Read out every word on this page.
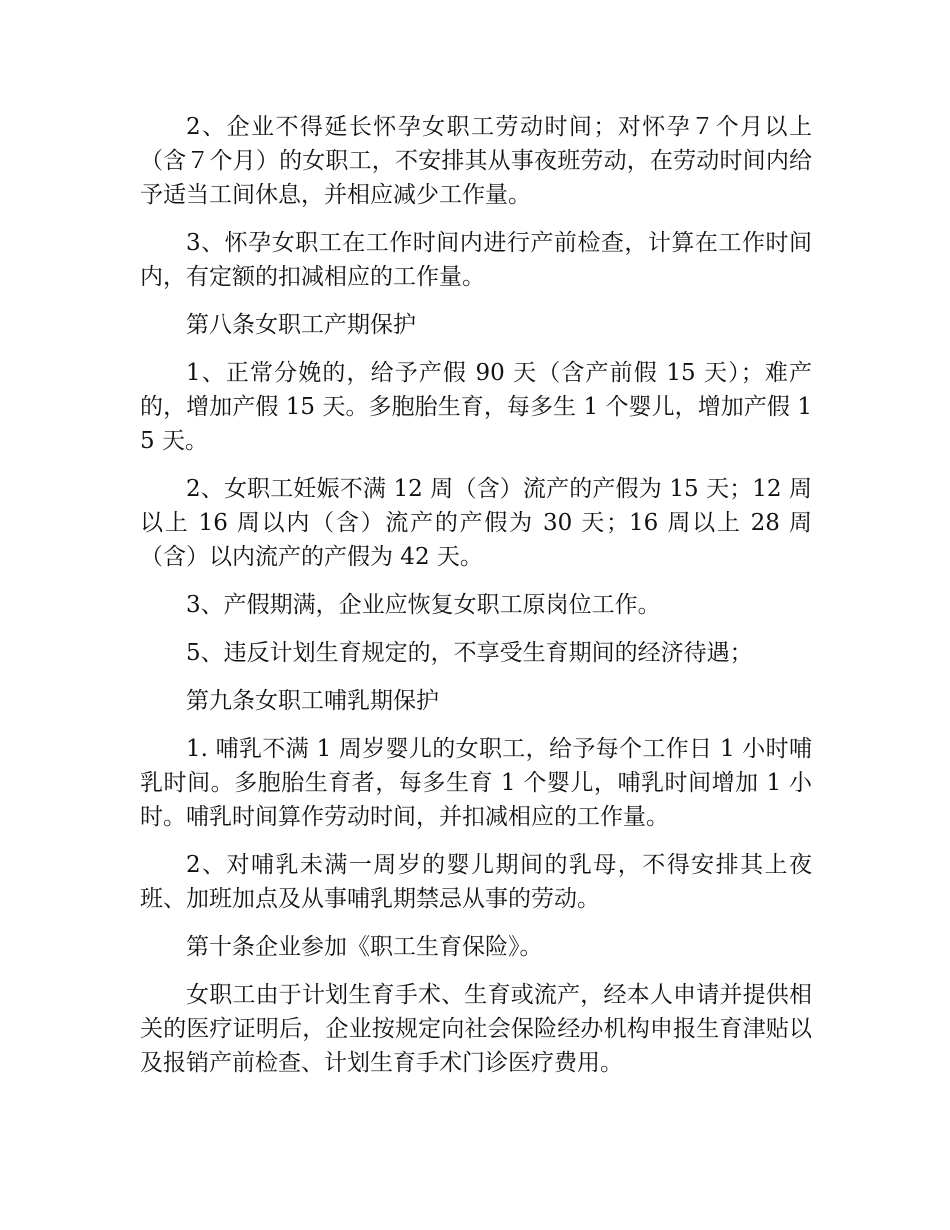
2、企业不得延长怀孕女职工劳动时间；对怀孕７个月以上（含７个月）的女职工，不安排其从事夜班劳动，在劳动时间内给予适当工间休息，并相应减少工作量。

3、怀孕女职工在工作时间内进行产前检查，计算在工作时间内，有定额的扣减相应的工作量。

第八条女职工产期保护

1、正常分娩的，给予产假 90 天（含产前假 15 天）；难产的，增加产假 15 天。多胞胎生育，每多生 1 个婴儿，增加产假 15 天。

2、女职工妊娠不满 12 周（含）流产的产假为 15 天；12 周以上 16 周以内（含）流产的产假为 30 天；16 周以上 28 周（含）以内流产的产假为 42 天。

3、产假期满，企业应恢复女职工原岗位工作。

5、违反计划生育规定的，不享受生育期间的经济待遇；

第九条女职工哺乳期保护

1. 哺乳不满 1 周岁婴儿的女职工，给予每个工作日 1 小时哺乳时间。多胞胎生育者，每多生育 1 个婴儿，哺乳时间增加 1 小时。哺乳时间算作劳动时间，并扣减相应的工作量。

2、对哺乳未满一周岁的婴儿期间的乳母，不得安排其上夜班、加班加点及从事哺乳期禁忌从事的劳动。

第十条企业参加《职工生育保险》。

女职工由于计划生育手术、生育或流产，经本人申请并提供相关的医疗证明后，企业按规定向社会保险经办机构申报生育津贴以及报销产前检查、计划生育手术门诊医疗费用。
